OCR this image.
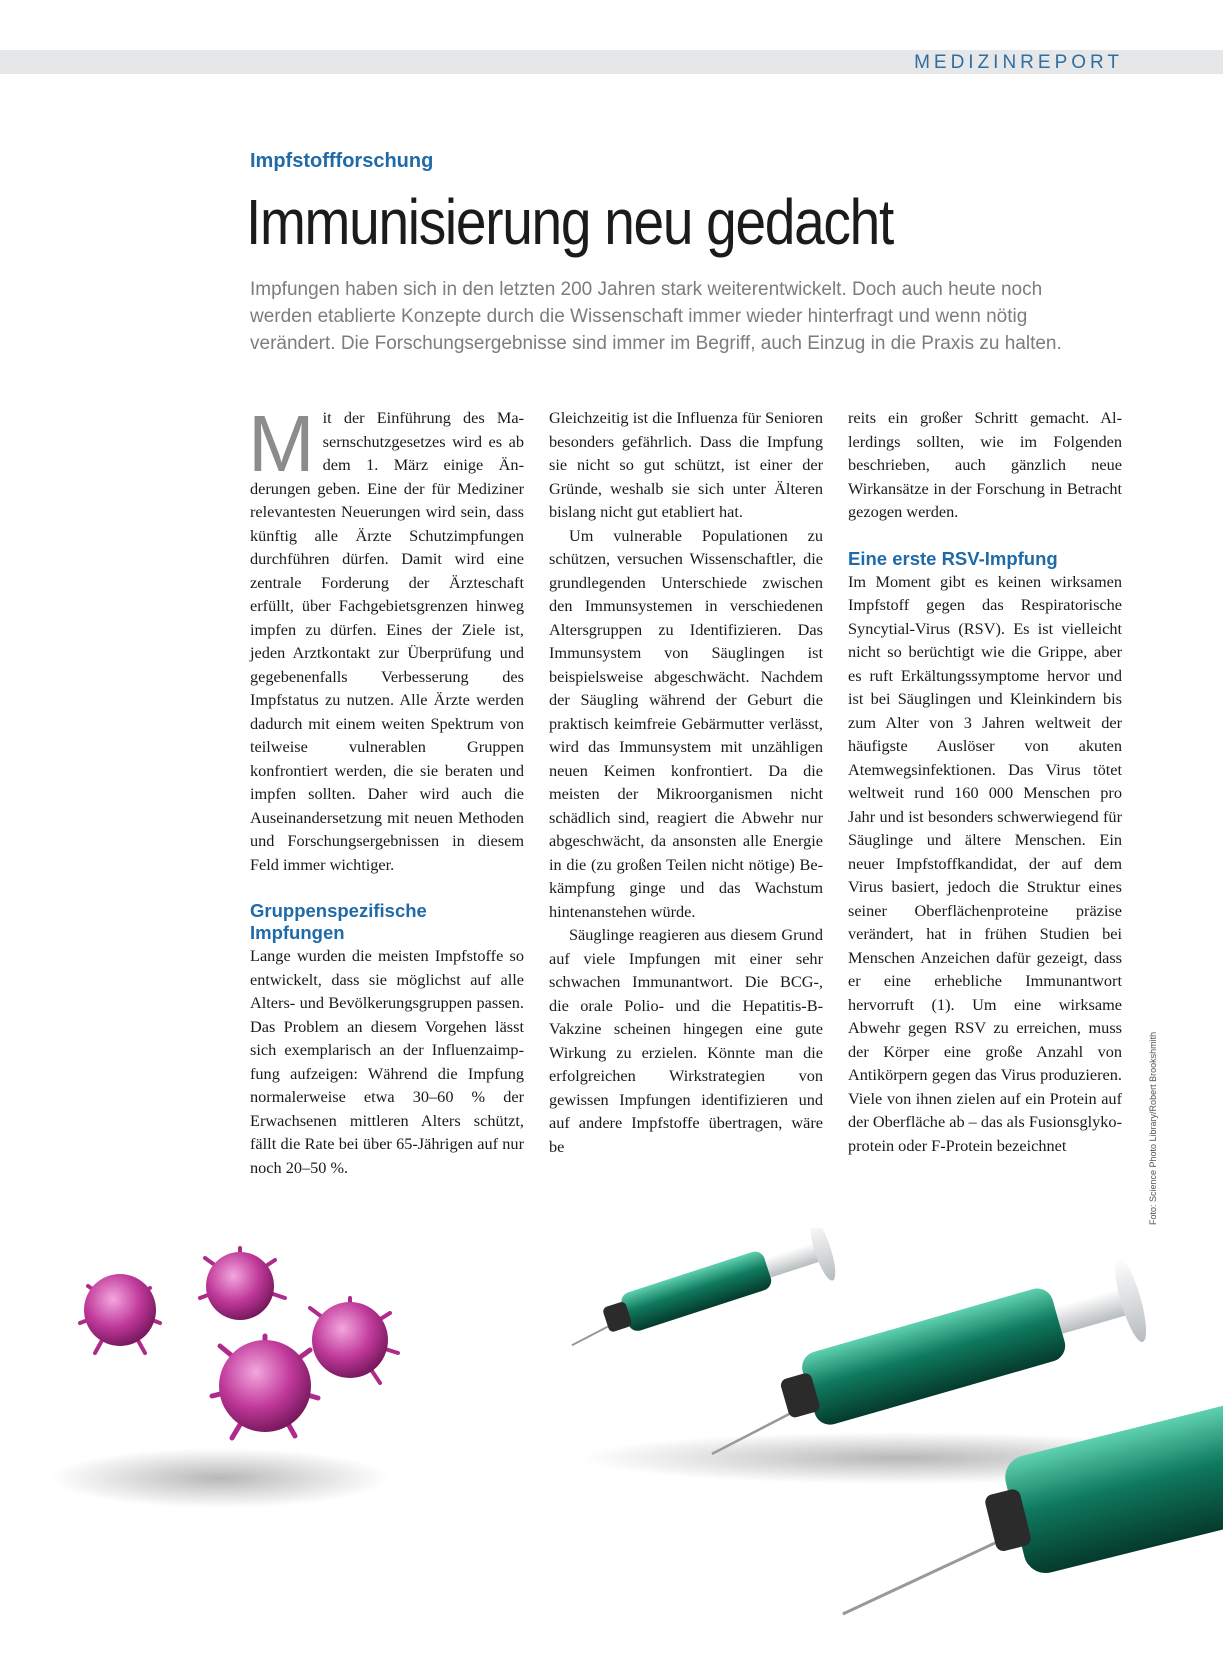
MEDIZINREPORT
Impfstoffforschung
Immunisierung neu gedacht
Impfungen haben sich in den letzten 200 Jahren stark weiterentwickelt. Doch auch heute noch
werden etablierte Konzepte durch die Wissenschaft immer wieder hinterfragt und wenn nötig
verändert. Die Forschungsergebnisse sind immer im Begriff, auch Einzug in die Praxis zu halten.

Mit der Einführung des Masernschutzgesetzes wird es ab dem 1. März einige Änderungen geben. Eine der für Mediziner relevantesten Neuerungen wird sein, dass künftig alle Ärzte Schutzimpfungen durchführen dürfen. Damit wird eine zentrale Forderung der Ärzteschaft erfüllt, über Fachgebietsgrenzen hinweg impfen zu dürfen. Eines der Ziele ist, jeden Arztkontakt zur Überprüfung und gegebenenfalls Verbesserung des Impfstatus zu nutzen. Alle Ärzte werden dadurch mit einem weiten Spektrum von teilweise vulnerablen Gruppen konfrontiert werden, die sie beraten und impfen sollten. Daher wird auch die Auseinandersetzung mit neuen Methoden und Forschungsergebnissen in diesem Feld immer wichtiger.

Gruppenspezifische Impfungen

Lange wurden die meisten Impfstoffe so entwickelt, dass sie möglichst auf alle Alters- und Bevölkerungsgruppen passen. Das Problem an diesem Vorgehen lässt sich exemplarisch an der Influenzaimpfung aufzeigen: Während die Impfung normalerweise etwa 30–60 % der Erwachsenen mittleren Alters schützt, fällt die Rate bei über 65-Jährigen auf nur noch 20–50 %.

Gleichzeitig ist die Influenza für Senioren besonders gefährlich. Dass die Impfung sie nicht so gut schützt, ist einer der Gründe, weshalb sie sich unter Älteren bislang nicht gut etabliert hat.

Um vulnerable Populationen zu schützen, versuchen Wissenschaftler, die grundlegenden Unterschiede zwischen den Immunsystemen in verschiedenen Altersgruppen zu Identifizieren. Das Immunsystem von Säuglingen ist beispielsweise abgeschwächt. Nachdem der Säugling während der Geburt die praktisch keimfreie Gebärmutter verlässt, wird das Immunsystem mit unzähligen neuen Keimen konfrontiert. Da die meisten der Mikroorganismen nicht schädlich sind, reagiert die Abwehr nur abgeschwächt, da ansonsten alle Energie in die (zu großen Teilen nicht nötige) Bekämpfung ginge und das Wachstum hintenanstehen würde.

Säuglinge reagieren aus diesem Grund auf viele Impfungen mit einer sehr schwachen Immunantwort. Die BCG-, die orale Polio- und die Hepatitis-B-Vakzine scheinen hingegen eine gute Wirkung zu erzielen. Könnte man die erfolgreichen Wirkstrategien von gewissen Impfungen identifizieren und auf andere Impfstoffe übertragen, wäre be

reits ein großer Schritt gemacht. Allerdings sollten, wie im Folgenden beschrieben, auch gänzlich neue Wirkansätze in der Forschung in Betracht gezogen werden.

Eine erste RSV-Impfung

Im Moment gibt es keinen wirksamen Impfstoff gegen das Respiratorische Syncytial-Virus (RSV). Es ist vielleicht nicht so berüchtigt wie die Grippe, aber es ruft Erkältungssymptome hervor und ist bei Säuglingen und Kleinkindern bis zum Alter von 3 Jahren weltweit der häufigste Auslöser von akuten Atemwegsinfektionen. Das Virus tötet weltweit rund 160 000 Menschen pro Jahr und ist besonders schwerwiegend für Säuglinge und ältere Menschen. Ein neuer Impfstoffkandidat, der auf dem Virus basiert, jedoch die Struktur eines seiner Oberflächenproteine präzise verändert, hat in frühen Studien bei Menschen Anzeichen dafür gezeigt, dass er eine erhebliche Immunantwort hervorruft (1). Um eine wirksame Abwehr gegen RSV zu erreichen, muss der Körper eine große Anzahl von Antikörpern gegen das Virus produzieren. Viele von ihnen zielen auf ein Protein auf der Oberfläche ab – das als Fusionsglykoprotein oder F-Protein bezeichnet	Foto: Science Photo Library/Robert Brookshmith
